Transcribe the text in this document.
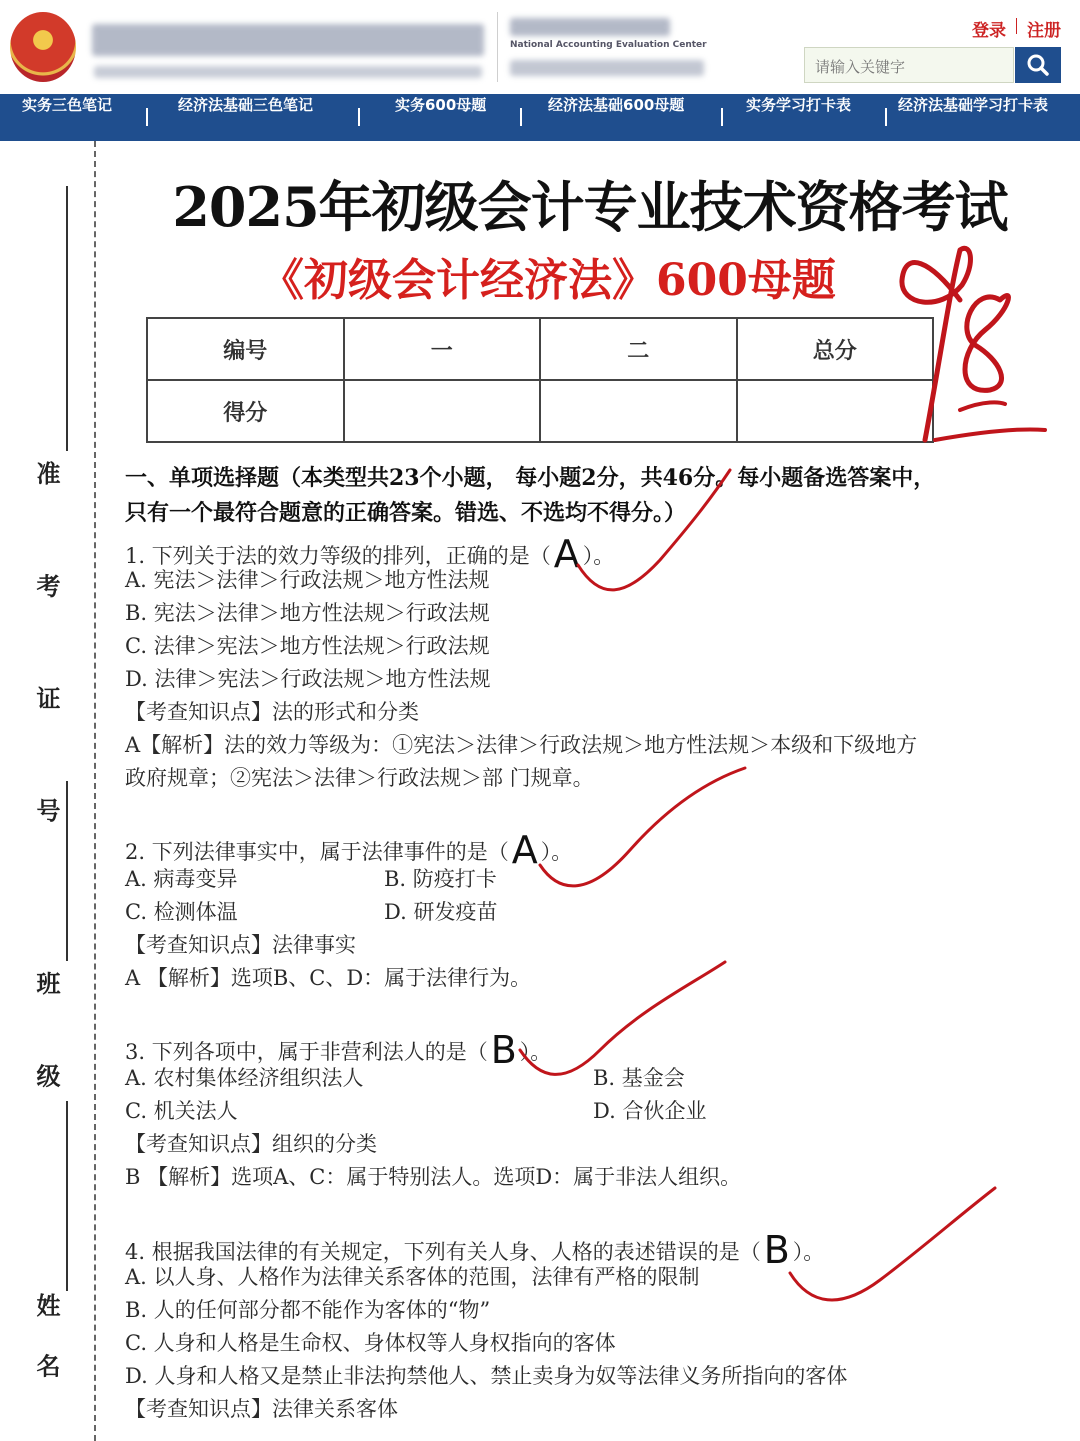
National Accounting Evaluation Center
登录 注册
请输入关键字
实务三色笔记	经济法基础三色笔记	实务600母题	经济法基础600母题	实务学习打卡表	经济法基础学习打卡表
准 考 证 号
班 级
姓 名
2025年初级会计专业技术资格考试
《初级会计经济法》600母题
编号	一	二	总分
得分			
一、单项选择题（本类型共23个小题， 每小题2分，共46分。每小题备选答案中，
只有一个最符合题意的正确答案。错选、不选均不得分。）
1. 下列关于法的效力等级的排列，正确的是（A ）。
A. 宪法＞法律＞行政法规＞地方性法规
B. 宪法＞法律＞地方性法规＞行政法规
C. 法律＞宪法＞地方性法规＞行政法规
D. 法律＞宪法＞行政法规＞地方性法规
【考查知识点】法的形式和分类
A【解析】法的效力等级为：①宪法＞法律＞行政法规＞地方性法规＞本级和下级地方
政府规章；②宪法＞法律＞行政法规＞部 门规章。
2. 下列法律事实中，属于法律事件的是（A ）。
A. 病毒变异	B. 防疫打卡
C. 检测体温	D. 研发疫苗
【考查知识点】法律事实
A 【解析】选项B、C、D：属于法律行为。
3. 下列各项中，属于非营利法人的是（B ）。
A. 农村集体经济组织法人	B. 基金会
C. 机关法人	D. 合伙企业
【考查知识点】组织的分类
B 【解析】选项A、C：属于特别法人。选项D：属于非法人组织。
4. 根据我国法律的有关规定，下列有关人身、人格的表述错误的是（B ）。
A. 以人身、人格作为法律关系客体的范围，法律有严格的限制
B. 人的任何部分都不能作为客体的“物”
C. 人身和人格是生命权、身体权等人身权指向的客体
D. 人身和人格又是禁止非法拘禁他人、禁止卖身为奴等法律义务所指向的客体
【考查知识点】法律关系客体
